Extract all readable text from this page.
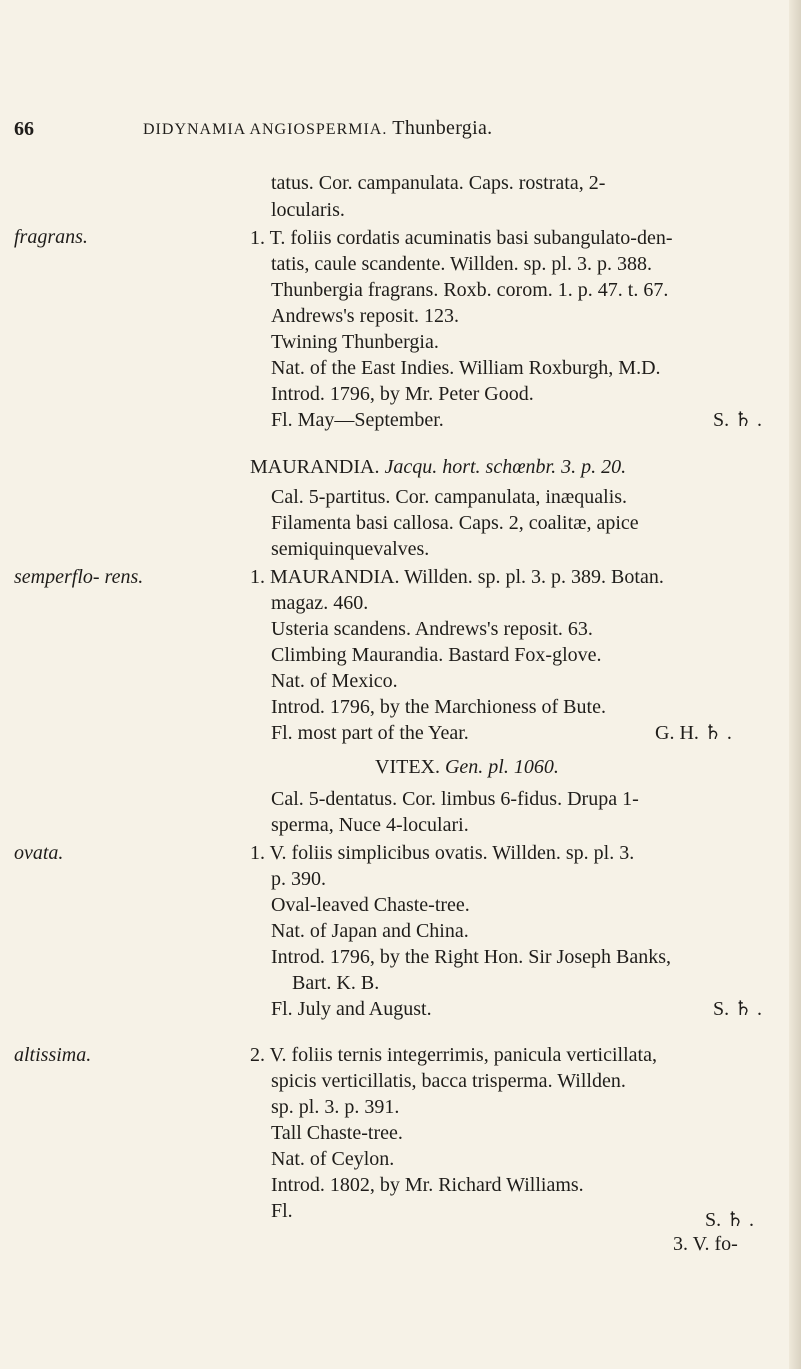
66	DIDYNAMIA ANGIOSPERMIA. Thunbergia.
tatus. Cor. campanulata. Caps. rostrata, 2-
locularis.
fragrans.	1. T. foliis cordatis acuminatis basi subangulato-den-
tatis, caule scandente. Willden. sp. pl. 3. p. 388.
Thunbergia fragrans. Roxb. corom. 1. p. 47. t. 67.
Andrews's reposit. 123.
Twining Thunbergia.
Nat. of the East Indies. William Roxburgh, M.D.
Introd. 1796, by Mr. Peter Good.
Fl. May—September.	S. ♄ .
MAURANDIA. Jacqu. hort. schœnbr. 3. p. 20.
Cal. 5-partitus. Cor. campanulata, inæqualis.
Filamenta basi callosa. Caps. 2, coalitæ, apice
semiquinquevalves.
semperflo- rens.	1. MAURANDIA. Willden. sp. pl. 3. p. 389. Botan.
magaz. 460.
Usteria scandens. Andrews's reposit. 63.
Climbing Maurandia. Bastard Fox-glove.
Nat. of Mexico.
Introd. 1796, by the Marchioness of Bute.
Fl. most part of the Year.	G. H. ♄ .
VITEX. Gen. pl. 1060.
Cal. 5-dentatus. Cor. limbus 6-fidus. Drupa 1-
sperma, Nuce 4-loculari.
ovata.	1. V. foliis simplicibus ovatis. Willden. sp. pl. 3.
p. 390.
Oval-leaved Chaste-tree.
Nat. of Japan and China.
Introd. 1796, by the Right Hon. Sir Joseph Banks,
Bart. K. B.
Fl. July and August.	S. ♄ .
altissima.	2. V. foliis ternis integerrimis, panicula verticillata,
spicis verticillatis, bacca trisperma. Willden.
sp. pl. 3. p. 391.
Tall Chaste-tree.
Nat. of Ceylon.
Introd. 1802, by Mr. Richard Williams.
Fl.	S. ♄ .
3. V. fo-
